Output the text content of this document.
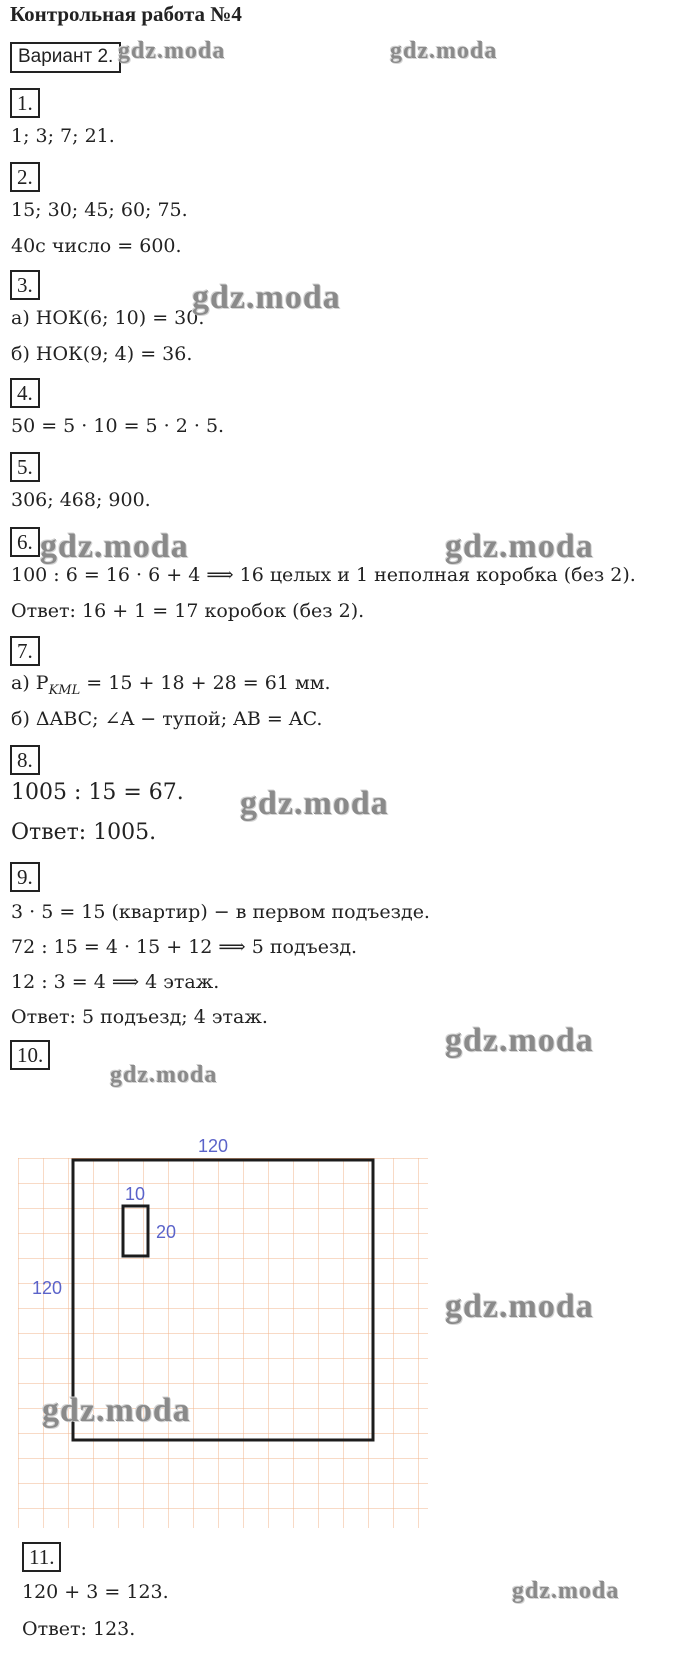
Контрольная работа №4
Вариант 2.
1.
1; 3; 7; 21.
2.
15; 30; 45; 60; 75.
40с число = 600.
3.
а) НОК(6; 10) = 30.
б) НОК(9; 4) = 36.
4.
50 = 5 · 10 = 5 · 2 · 5.
5.
306; 468; 900.
6.
100 : 6 = 16 · 6 + 4 ⟹ 16 целых и 1 неполная коробка (без 2).
Ответ: 16 + 1 = 17 коробок (без 2).
7.
а) $P_{KML} = 15 + 18 + 28 = 61$ мм.
б) ΔABC; ∠A − тупой; AB = AC.
8.
1005 : 15 = 67.
Ответ: 1005.
9.
3 · 5 = 15 (квартир) − в первом подъезде.
72 : 15 = 4 · 15 + 12 ⟹ 5 подъезд.
12 : 3 = 4 ⟹ 4 этаж.
Ответ: 5 подъезд; 4 этаж.
10.
120
120
10
20
11.
120 + 3 = 123.
Ответ: 123.
gdz.moda	gdz.moda
gdz.moda
gdz.moda	gdz.moda
gdz.moda
gdz.moda
gdz.moda
gdz.moda
gdz.moda
gdz.moda
